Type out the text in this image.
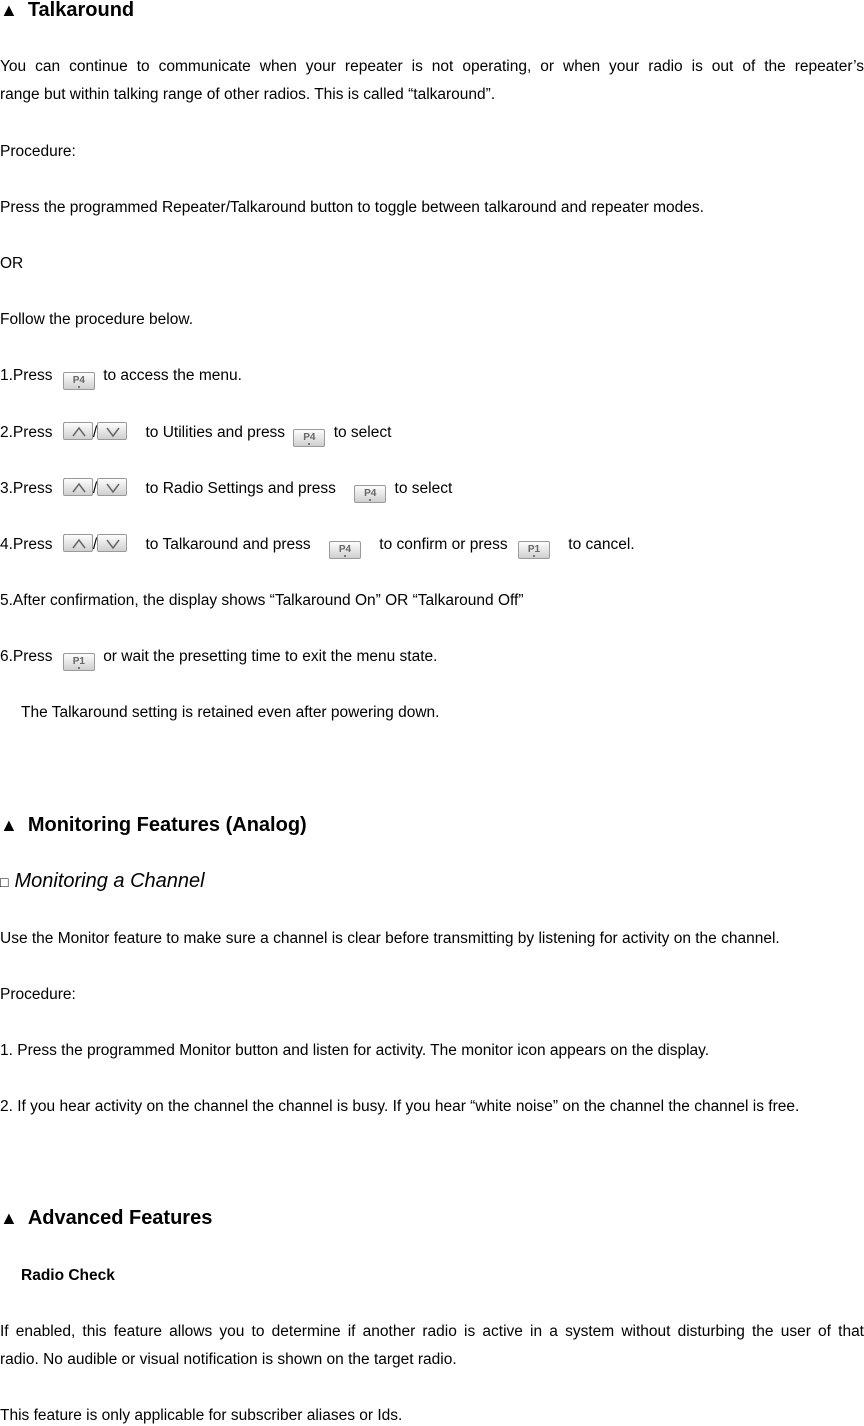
▲ Talkaround
You can continue to communicate when your repeater is not operating, or when your radio is out of the repeater’s
range but within talking range of other radios. This is called “talkaround”.
Procedure:
Press the programmed Repeater/Talkaround button to toggle between talkaround and repeater modes.
OR
Follow the procedure below.
1.Press P4 to access the menu.
2.Press	/	to Utilities and press P4 to select
3.Press	/	to Radio Settings and press	P4 to select
4.Press	/	to Talkaround and press	P4 to confirm or press P1 to cancel.
5.After confirmation, the display shows “Talkaround On” OR “Talkaround Off”
6.Press P1 or wait the presetting time to exit the menu state.
The Talkaround setting is retained even after powering down.
▲ Monitoring Features (Analog)
□ Monitoring a Channel
Use the Monitor feature to make sure a channel is clear before transmitting by listening for activity on the channel.
Procedure:
1. Press the programmed Monitor button and listen for activity. The monitor icon appears on the display.
2. If you hear activity on the channel the channel is busy. If you hear “white noise” on the channel the channel is free.
▲ Advanced Features
Radio Check
If enabled, this feature allows you to determine if another radio is active in a system without disturbing the user of that
radio. No audible or visual notification is shown on the target radio.
This feature is only applicable for subscriber aliases or Ids.
